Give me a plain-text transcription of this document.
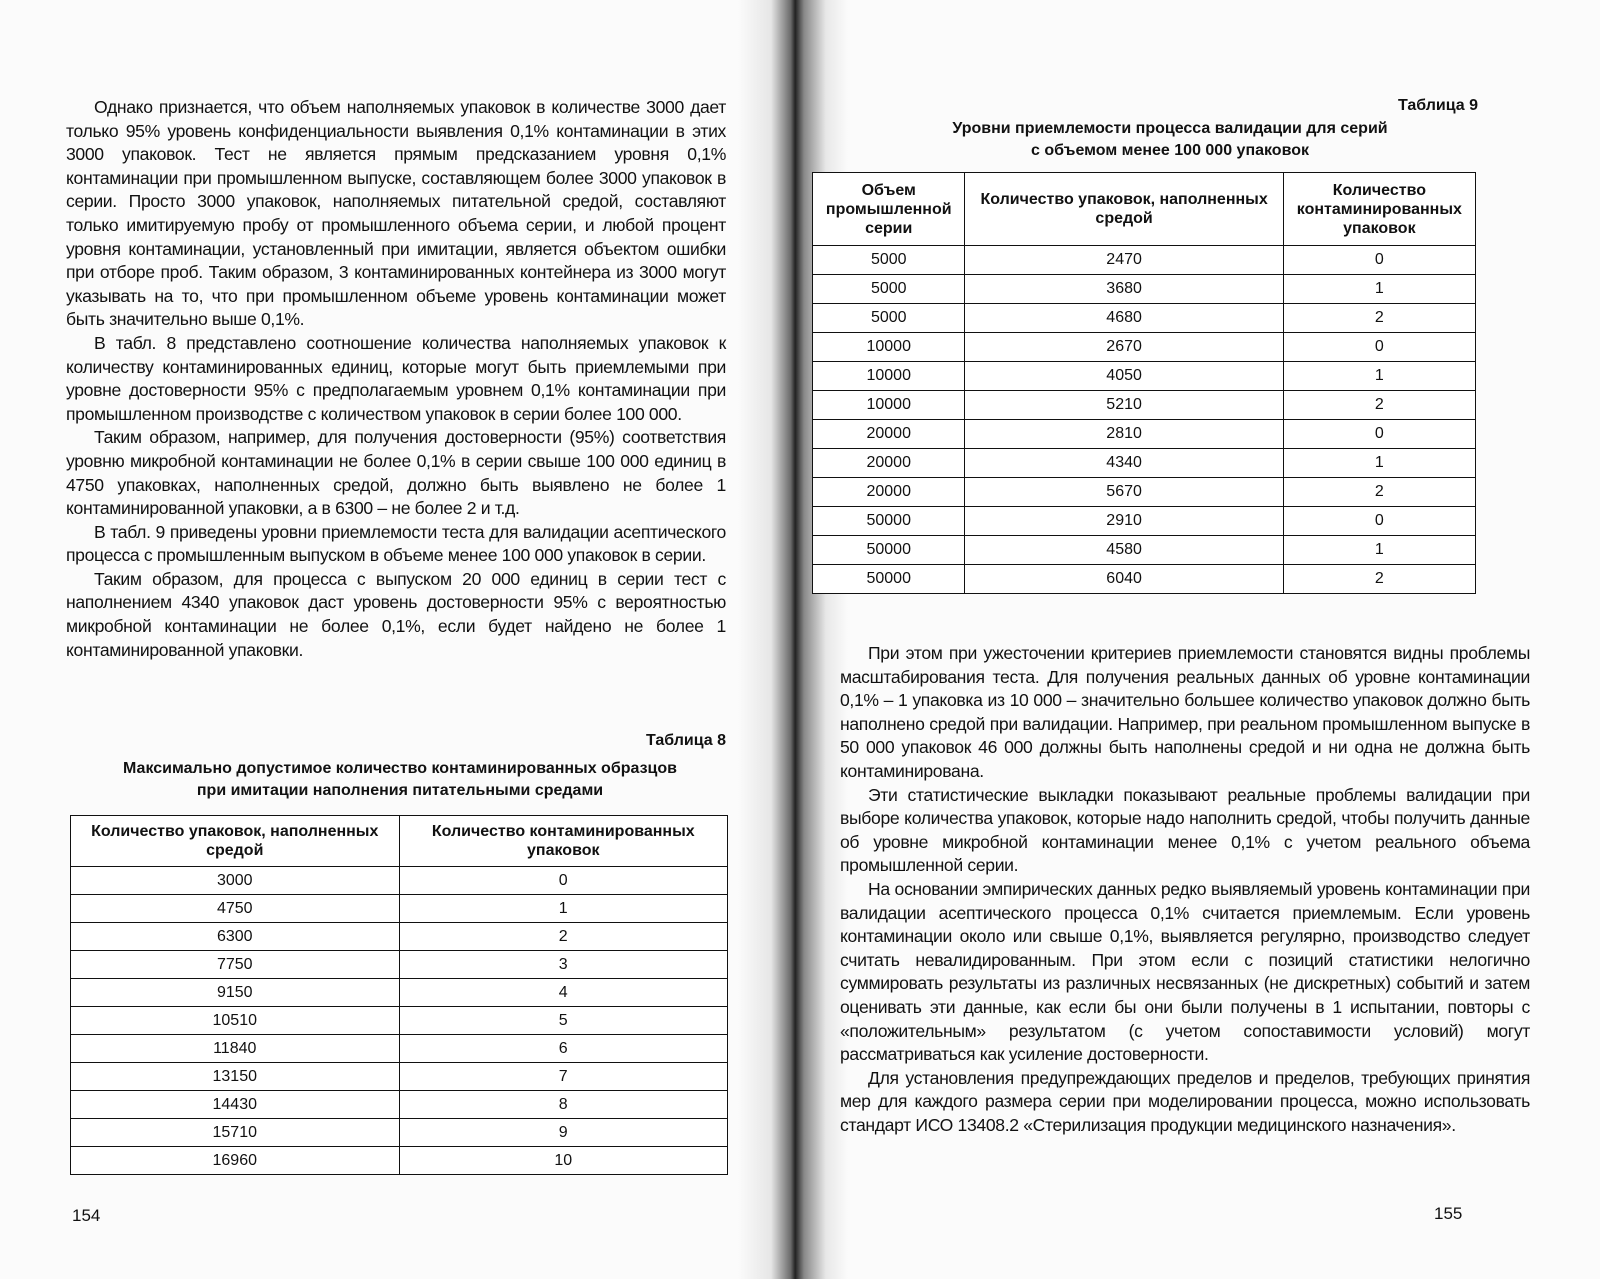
Однако признается, что объем наполняемых упаковок в количестве 3000 дает только 95% уровень конфиденциальности выявления 0,1% контаминации в этих 3000 упаковок. Тест не является прямым предсказанием уровня 0,1% контаминации при промышленном выпуске, составляющем более 3000 упаковок в серии. Просто 3000 упаковок, наполняемых питательной средой, составляют только имитируемую пробу от промышленного объема серии, и любой процент уровня контаминации, установленный при имитации, является объектом ошибки при отборе проб. Таким образом, 3 контаминированных контейнера из 3000 могут указывать на то, что при промышленном объеме уровень контаминации может быть значительно выше 0,1%.

В табл. 8 представлено соотношение количества наполняемых упаковок к количеству контаминированных единиц, которые могут быть приемлемыми при уровне достоверности 95% с предполагаемым уровнем 0,1% контаминации при промышленном производстве с количеством упаковок в серии более 100 000.

Таким образом, например, для получения достоверности (95%) соответствия уровню микробной контаминации не более 0,1% в серии свыше 100 000 единиц в 4750 упаковках, наполненных средой, должно быть выявлено не более 1 контаминированной упаковки, а в 6300 – не более 2 и т.д.

В табл. 9 приведены уровни приемлемости теста для валидации асептического процесса с промышленным выпуском в объеме менее 100 000 упаковок в серии.

Таким образом, для процесса с выпуском 20 000 единиц в серии тест с наполнением 4340 упаковок даст уровень достоверности 95% с вероятностью микробной контаминации не более 0,1%, если будет найдено не более 1 контаминированной упаковки.

Таблица 8
Максимально допустимое количество контаминированных образцов
при имитации наполнения питательными средами
Количество упаковок, наполненных средой	Количество контаминированных упаковок
3000	0
4750	1
6300	2
7750	3
9150	4
10510	5
11840	6
13150	7
14430	8
15710	9
16960	10
154
Таблица 9
Уровни приемлемости процесса валидации для серий
с объемом менее 100 000 упаковок
Объем промышленной серии	Количество упаковок, наполненных средой	Количество контаминированных упаковок
5000	2470	0
5000	3680	1
5000	4680	2
10000	2670	0
10000	4050	1
10000	5210	2
20000	2810	0
20000	4340	1
20000	5670	2
50000	2910	0
50000	4580	1
50000	6040	2

При этом при ужесточении критериев приемлемости становятся видны проблемы масштабирования теста. Для получения реальных данных об уровне контаминации 0,1% – 1 упаковка из 10 000 – значительно большее количество упаковок должно быть наполнено средой при валидации. Например, при реальном промышленном выпуске в 50 000 упаковок 46 000 должны быть наполнены средой и ни одна не должна быть контаминирована.

Эти статистические выкладки показывают реальные проблемы валидации при выборе количества упаковок, которые надо наполнить средой, чтобы получить данные об уровне микробной контаминации менее 0,1% с учетом реального объема промышленной серии.

На основании эмпирических данных редко выявляемый уровень контаминации при валидации асептического процесса 0,1% считается приемлемым. Если уровень контаминации около или свыше 0,1%, выявляется регулярно, производство следует считать невалидированным. При этом если с позиций статистики нелогично суммировать результаты из различных несвязанных (не дискретных) событий и затем оценивать эти данные, как если бы они были получены в 1 испытании, повторы с «положительным» результатом (с учетом сопоставимости условий) могут рассматриваться как усиление достоверности.

Для установления предупреждающих пределов и пределов, требующих принятия мер для каждого размера серии при моделировании процесса, можно использовать стандарт ИСО 13408.2 «Стерилизация продукции медицинского назначения».

155
